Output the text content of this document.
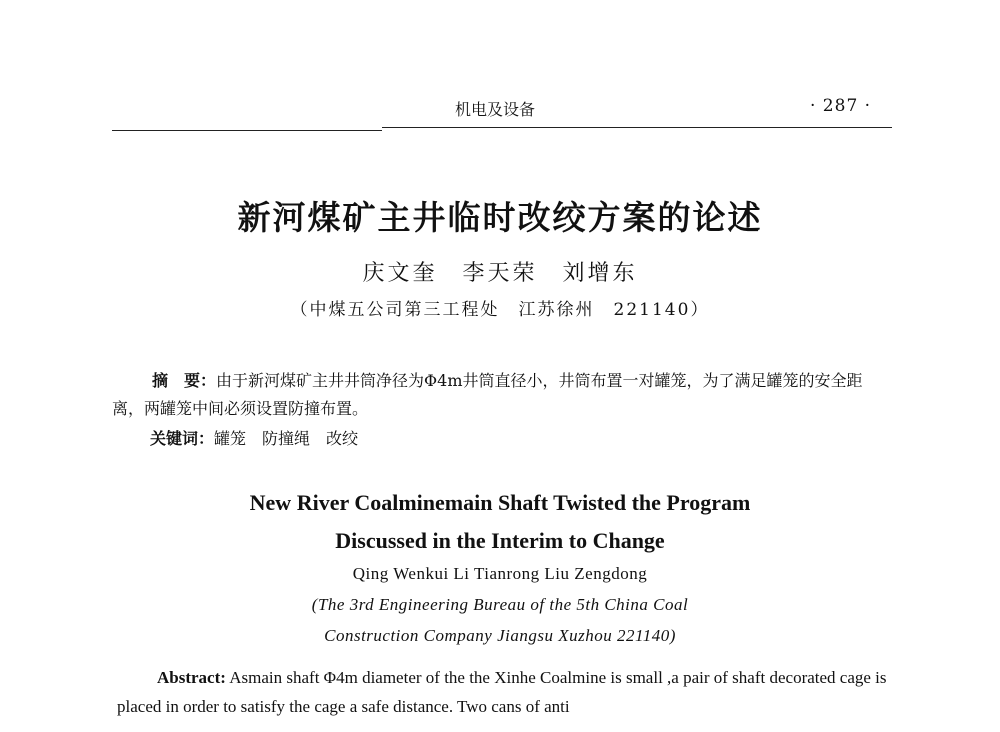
机电及设备	· 287 ·
新河煤矿主井临时改绞方案的论述
庆文奎　李天荣　刘增东
（中煤五公司第三工程处　江苏徐州　221140）
摘　要：由于新河煤矿主井井筒净径为Φ4m井筒直径小，井筒布置一对罐笼，为了满足罐笼的安全距离，两罐笼中间必须设置防撞布置。
关键词：罐笼　防撞绳　改绞
New River Coalminemain Shaft Twisted the Program
Discussed in the Interim to Change
Qing Wenkui Li Tianrong Liu Zengdong
(The 3rd Engineering Bureau of the 5th China Coal
Construction Company Jiangsu Xuzhou 221140)
Abstract: Asmain shaft Φ4m diameter of the the Xinhe Coalmine is small ,a pair of shaft decorated cage is placed in order to satisfy the cage a safe distance. Two cans of anti
